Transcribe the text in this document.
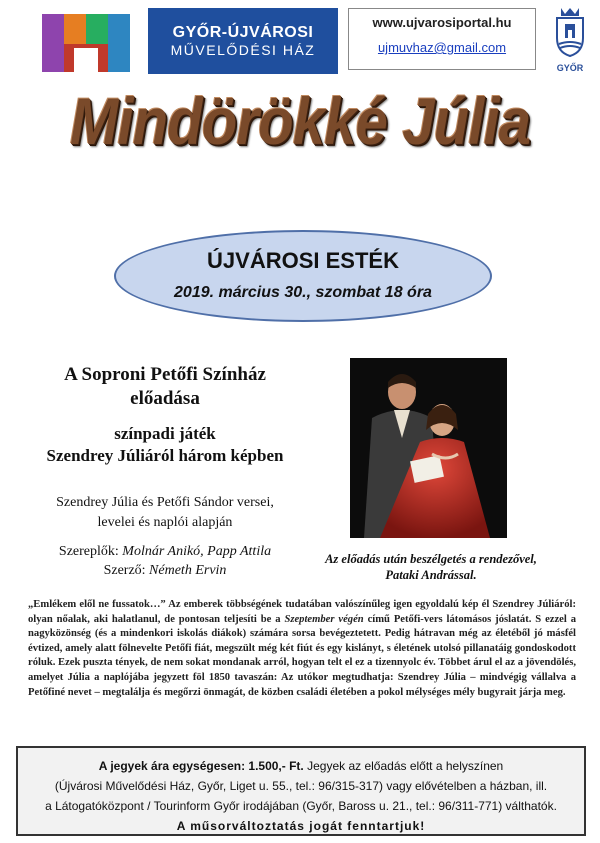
GYŐR-ÚJVÁROSI
MŰVELŐDÉSI HÁZ
www.ujvarosiportal.hu
ujmuvhaz@gmail.com
GYŐR
Mindörökké Júlia
ÚJVÁROSI ESTÉK
2019. március 30., szombat 18 óra
A Soproni Petőfi Színház
előadása
színpadi játék
Szendrey Júliáról három képben
Szendrey Júlia és Petőfi Sándor versei,
levelei és naplói alapján
Szereplők: Molnár Anikó, Papp Attila
Szerző: Németh Ervin
Az előadás után beszélgetés a rendezővel,
Pataki Andrással.
„Emlékem elől ne fussatok…” Az emberek többségének tudatában valószínűleg igen egyoldalú kép él Szendrey Júliáról: olyan nőalak, aki halatlanul, de pontosan teljesíti be a Szeptember végén című Petőfi-vers látomásos jóslatát. S ezzel a nagyközönség (és a mindenkori iskolás diákok) számára sorsa bevégeztetett. Pedig hátravan még az életéből jó másfél évtized, amely alatt fölnevelte Petőfi fiát, megszült még két fiút és egy kislányt, s életének utolsó pillanatáig gondoskodott róluk. Ezek puszta tények, de nem sokat mondanak arról, hogyan telt el ez a tizennyolc év. Többet árul el az a jövendölés, amelyet Júlia a naplójába jegyzett föl 1850 tavaszán: Az utókor megtudhatja: Szendrey Júlia – mindvégig vállalva a Petőfiné nevet – megtalálja és megőrzi önmagát, de közben családi életében a pokol mélységes mély bugyrait járja meg.
A jegyek ára egységesen: 1.500,- Ft. Jegyek az előadás előtt a helyszínen
(Újvárosi Művelődési Ház, Győr, Liget u. 55., tel.: 96/315-317) vagy elővételben a házban, ill.
a Látogatóközpont / Tourinform Győr irodájában (Győr, Baross u. 21., tel.: 96/311-771) válthatók.
A műsorváltoztatás jogát fenntartjuk!
